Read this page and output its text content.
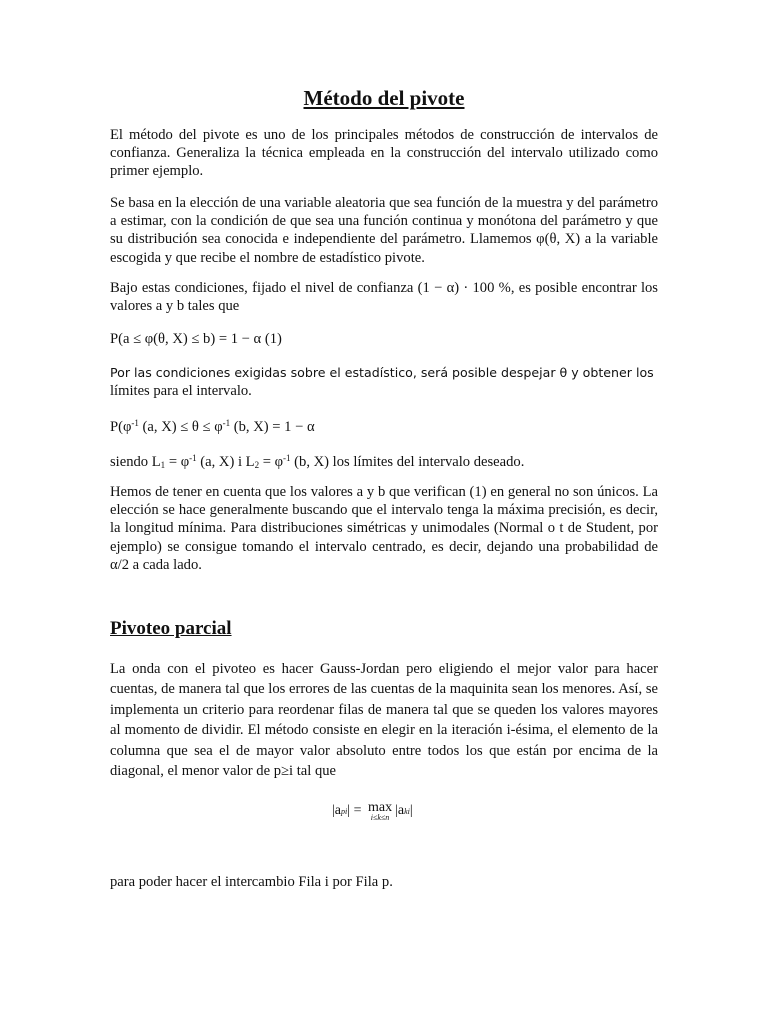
Método del pivote

El método del pivote es uno de los principales métodos de construcción de intervalos de confianza. Generaliza la técnica empleada en la construcción del intervalo utilizado como primer ejemplo.

Se basa en la elección de una variable aleatoria que sea función de la muestra y del parámetro a estimar, con la condición de que sea una función continua y monótona del parámetro y que su distribución sea conocida e independiente del parámetro. Llamemos φ(θ, X) a la variable escogida y que recibe el nombre de estadístico pivote.

Bajo estas condiciones, fijado el nivel de confianza (1 − α) · 100 %, es posible encontrar los valores a y b tales que

P(a ≤ φ(θ, X) ≤ b) = 1 − α (1)

Por las condiciones exigidas sobre el estadístico, será posible despejar θ y obtener los
límites para el intervalo.

$P(\varphi^{-1}$ (a, $X) \le \theta \le \varphi^{-1}$ (b, X) = 1 − α

siendo $L_1 = \varphi^{-1}$ (a, X) i $L_2 = \varphi^{-1}$ (b, X) los límites del intervalo deseado.

Hemos de tener en cuenta que los valores a y b que verifican (1) en general no son únicos. La elección se hace generalmente buscando que el intervalo tenga la máxima precisión, es decir, la longitud mínima. Para distribuciones simétricas y unimodales (Normal o t de Student, por ejemplo) se consigue tomando el intervalo centrado, es decir, dejando una probabilidad de α/2 a cada lado.

Pivoteo parcial

La onda con el pivoteo es hacer Gauss-Jordan pero eligiendo el mejor valor para hacer cuentas, de manera tal que los errores de las cuentas de la maquinita sean los menores. Así, se implementa un criterio para reordenar filas de manera tal que se queden los valores mayores al momento de dividir. El método consiste en elegir en la iteración i-ésima, el elemento de la columna que sea el de mayor valor absoluto entre todos los que están por encima de la diagonal, el menor valor de p≥i tal que

para poder hacer el intercambio Fila i por Fila p.

|api| = max
i≤k≤n |aki|
